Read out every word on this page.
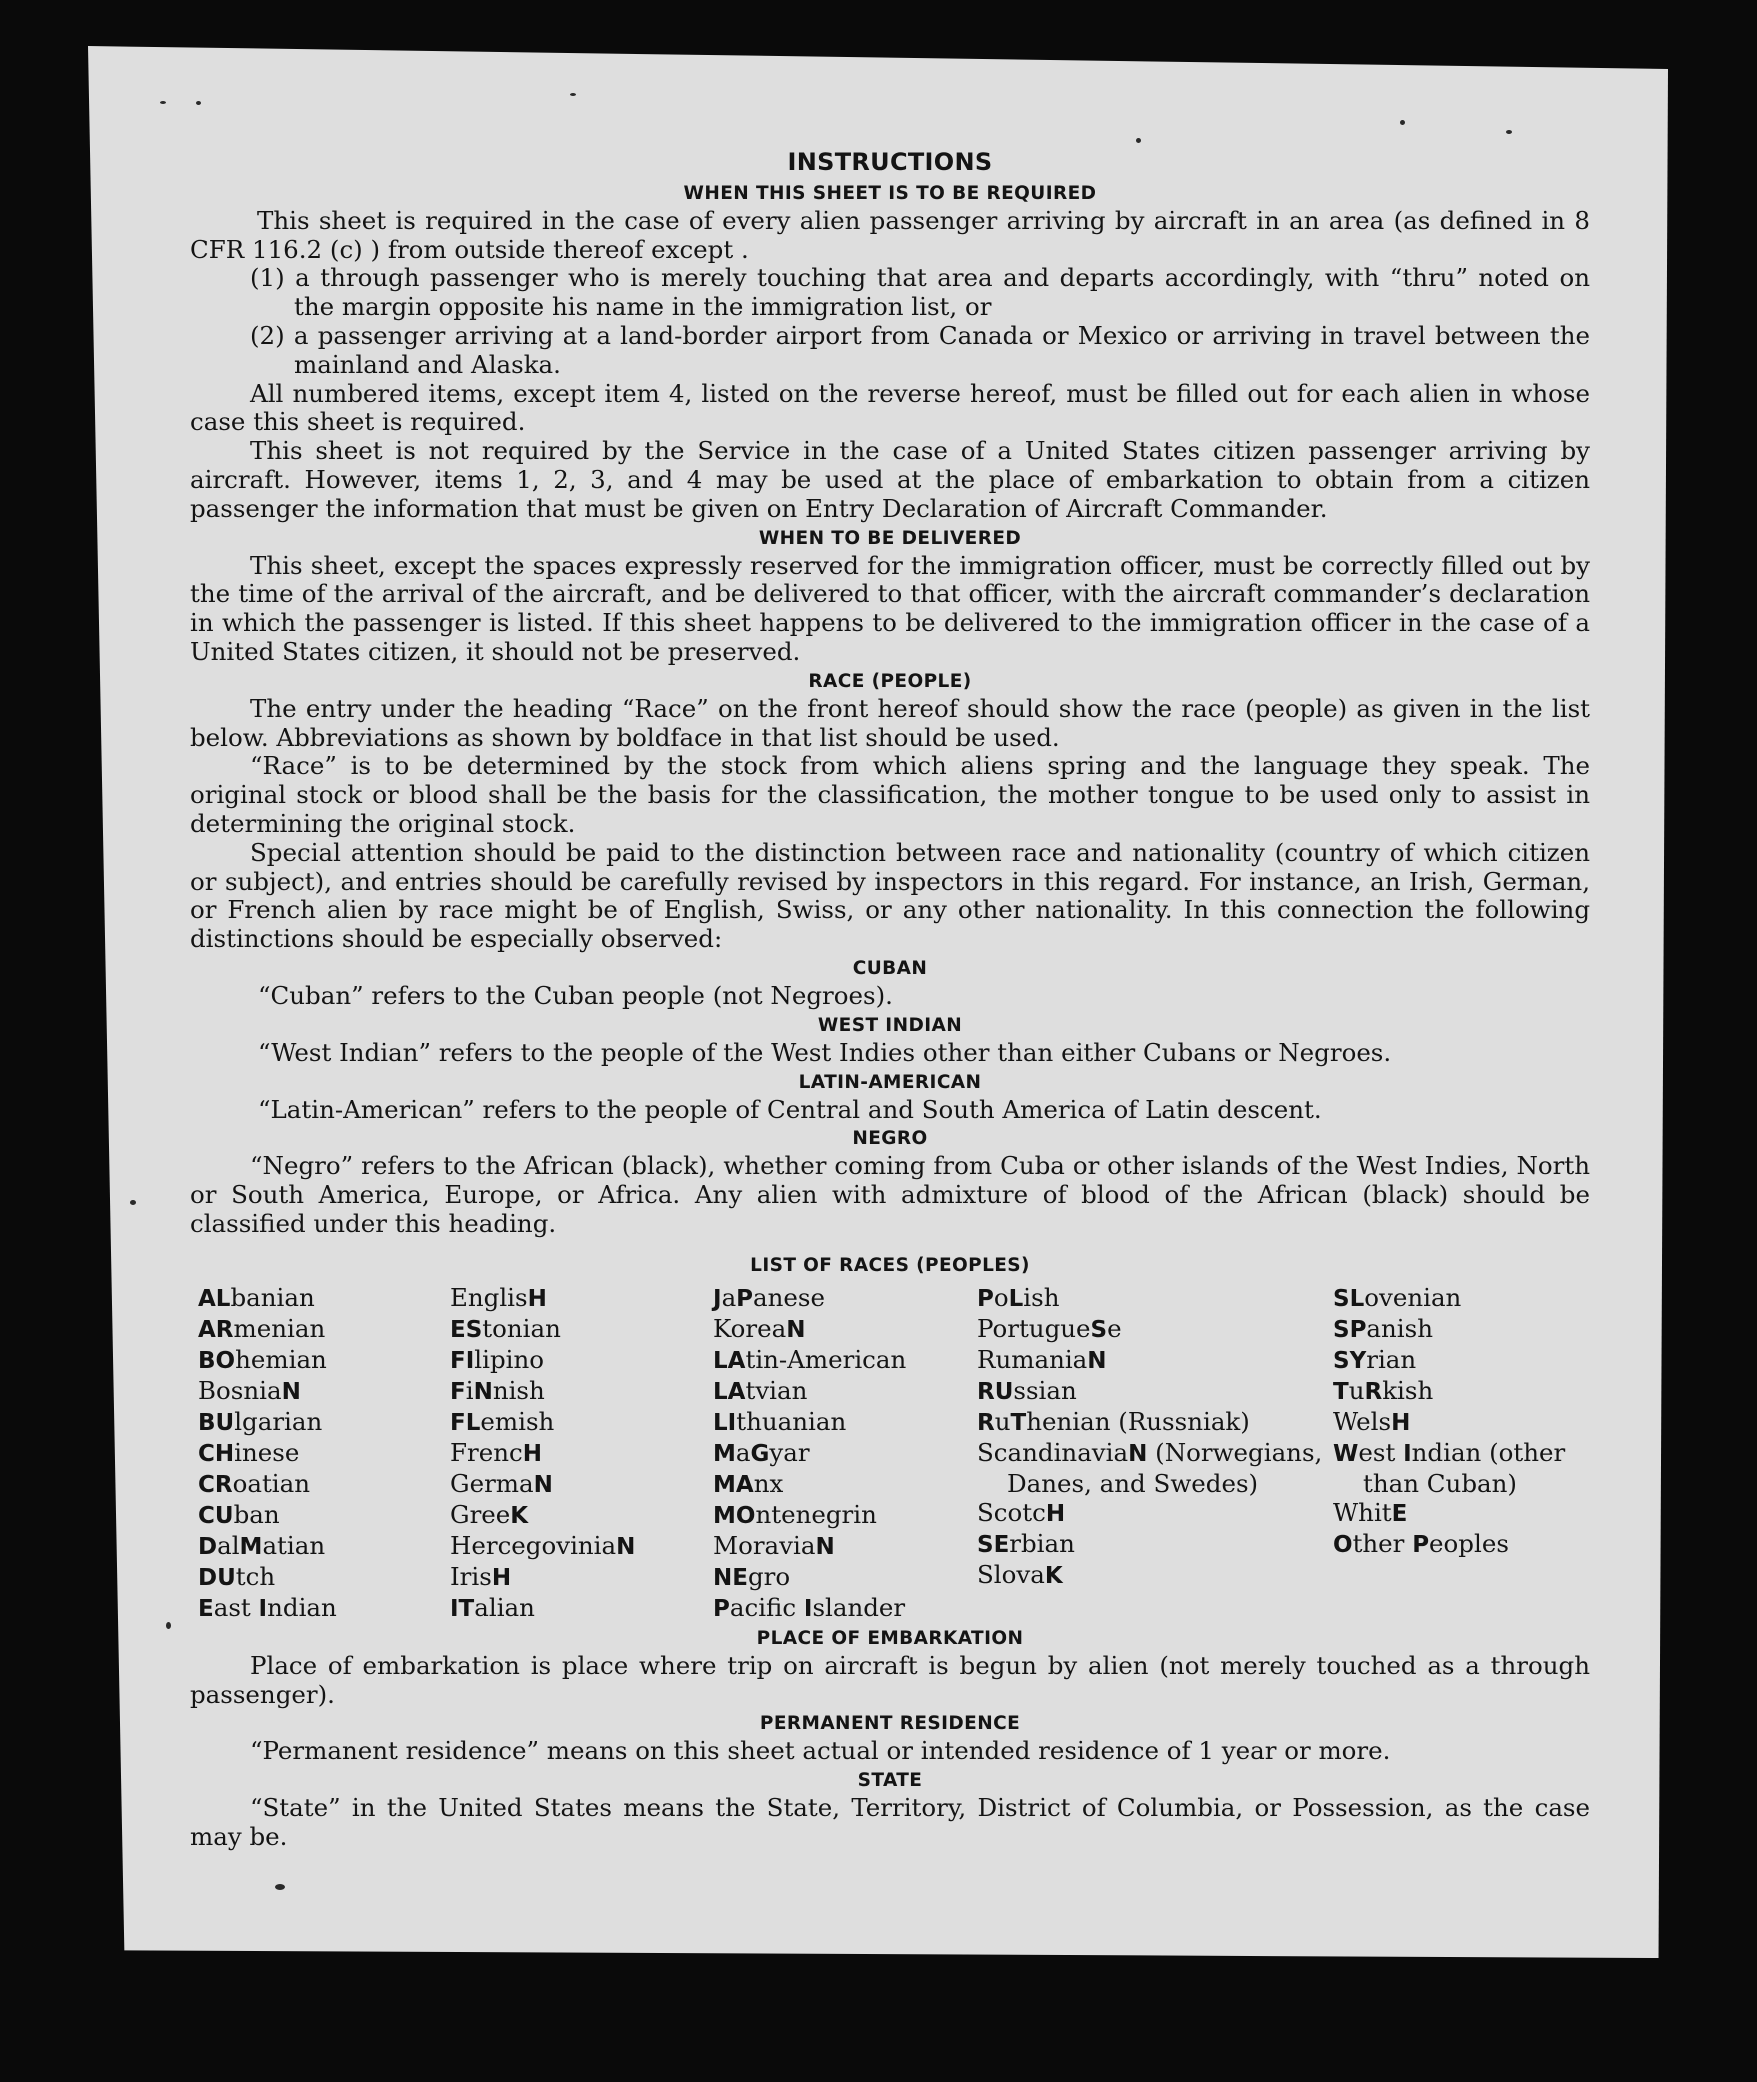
INSTRUCTIONS
WHEN THIS SHEET IS TO BE REQUIRED

This sheet is required in the case of every alien passenger arriving by aircraft in an area (as defined in 8 CFR 116.2 (c) ) from outside thereof except .

(1) a through passenger who is merely touching that area and departs accordingly, with “thru” noted on the margin opposite his name in the immigration list, or

(2) a passenger arriving at a land-border airport from Canada or Mexico or arriving in travel between the mainland and Alaska.

All numbered items, except item 4, listed on the reverse hereof, must be filled out for each alien in whose case this sheet is required.

This sheet is not required by the Service in the case of a United States citizen passenger arriving by aircraft. However, items 1, 2, 3, and 4 may be used at the place of embarkation to obtain from a citizen passenger the information that must be given on Entry Declaration of Aircraft Commander.

WHEN TO BE DELIVERED

This sheet, except the spaces expressly reserved for the immigration officer, must be correctly filled out by the time of the arrival of the aircraft, and be delivered to that officer, with the aircraft commander’s declaration in which the passenger is listed. If this sheet happens to be delivered to the immigration officer in the case of a United States citizen, it should not be preserved.

RACE (PEOPLE)

The entry under the heading “Race” on the front hereof should show the race (people) as given in the list below. Abbreviations as shown by boldface in that list should be used.

“Race” is to be determined by the stock from which aliens spring and the language they speak. The original stock or blood shall be the basis for the classification, the mother tongue to be used only to assist in determining the original stock.

Special attention should be paid to the distinction between race and nationality (country of which citizen or subject), and entries should be carefully revised by inspectors in this regard. For instance, an Irish, German, or French alien by race might be of English, Swiss, or any other nationality. In this connection the following distinctions should be especially observed:

CUBAN

“Cuban” refers to the Cuban people (not Negroes).

WEST INDIAN

“West Indian” refers to the people of the West Indies other than either Cubans or Negroes.

LATIN-AMERICAN

“Latin-American” refers to the people of Central and South America of Latin descent.

NEGRO

“Negro” refers to the African (black), whether coming from Cuba or other islands of the West Indies, North or South America, Europe, or Africa. Any alien with admixture of blood of the African (black) should be classified under this heading.

LIST OF RACES (PEOPLES)
ALbanian
ARmenian
BOhemian
BosniaN
BUlgarian
CHinese
CRoatian
CUban
DalMatian
DUtch
East Indian
EnglisH
EStonian
FIlipino
FiNnish
FLemish
FrencH
GermaN
GreeK
HercegoviniaN
IrisH
ITalian
JaPanese
KoreaN
LAtin-American
LAtvian
LIthuanian
MaGyar
MAnx
MOntenegrin
MoraviaN
NEgro
Pacific Islander
PoLish
PortugueSe
RumaniaN
RUssian
RuThenian (Russniak)
ScandinaviaN (Norwegians, Danes, and Swedes)
ScotcH
SErbian
SlovaK
SLovenian
SPanish
SYrian
TuRkish
WelsH
West Indian (other than Cuban)
WhitE
Other Peoples
PLACE OF EMBARKATION

Place of embarkation is place where trip on aircraft is begun by alien (not merely touched as a through passenger).

PERMANENT RESIDENCE

“Permanent residence” means on this sheet actual or intended residence of 1 year or more.

STATE

“State” in the United States means the State, Territory, District of Columbia, or Possession, as the case may be.
